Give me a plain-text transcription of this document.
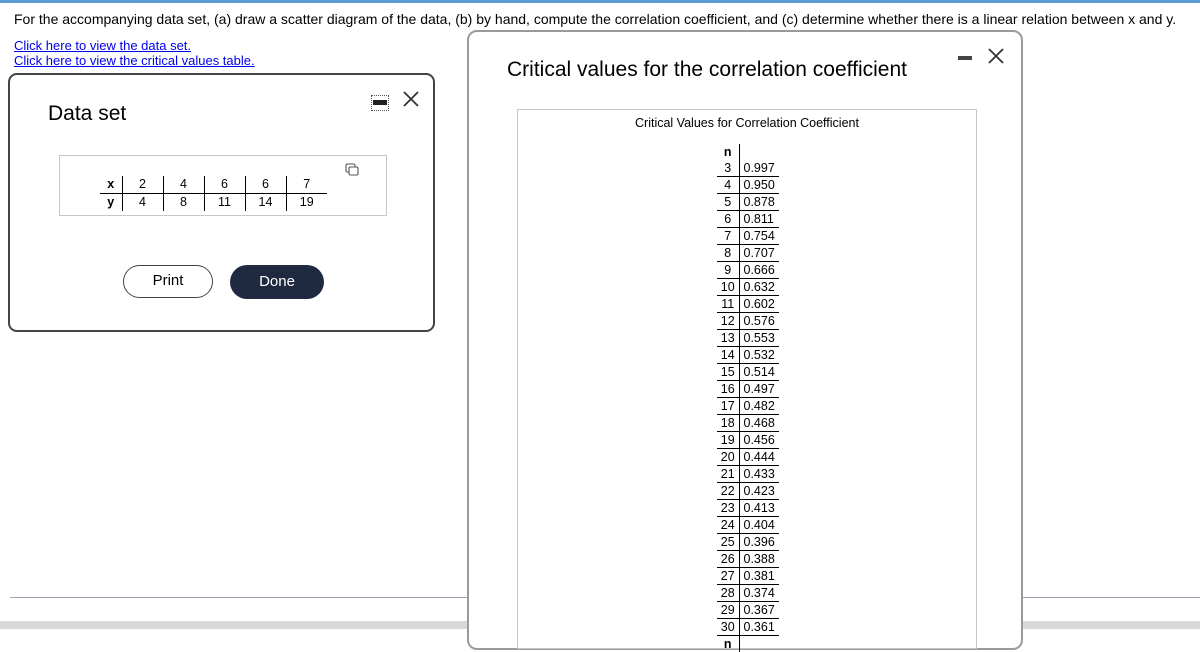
For the accompanying data set, (a) draw a scatter diagram of the data, (b) by hand, compute the correlation coefficient, and (c) determine whether there is a linear relation between x and y.
Click here to view the data set.
Click here to view the critical values table.	Critical values for the correlation coefficient
Critical Values for Correlation Coefficient
n	
3	0.997
4	0.950
5	0.878
6	0.811
7	0.754
8	0.707
9	0.666
10	0.632
11	0.602
12	0.576
13	0.553
14	0.532
15	0.514
16	0.497
17	0.482
18	0.468
19	0.456
20	0.444
21	0.433
22	0.423
23	0.413
24	0.404
25	0.396
26	0.388
27	0.381
28	0.374
29	0.367
30	0.361
n	
Data set
x	2	4	6	6	7
y	4	8	11	14	19
Print	Done
